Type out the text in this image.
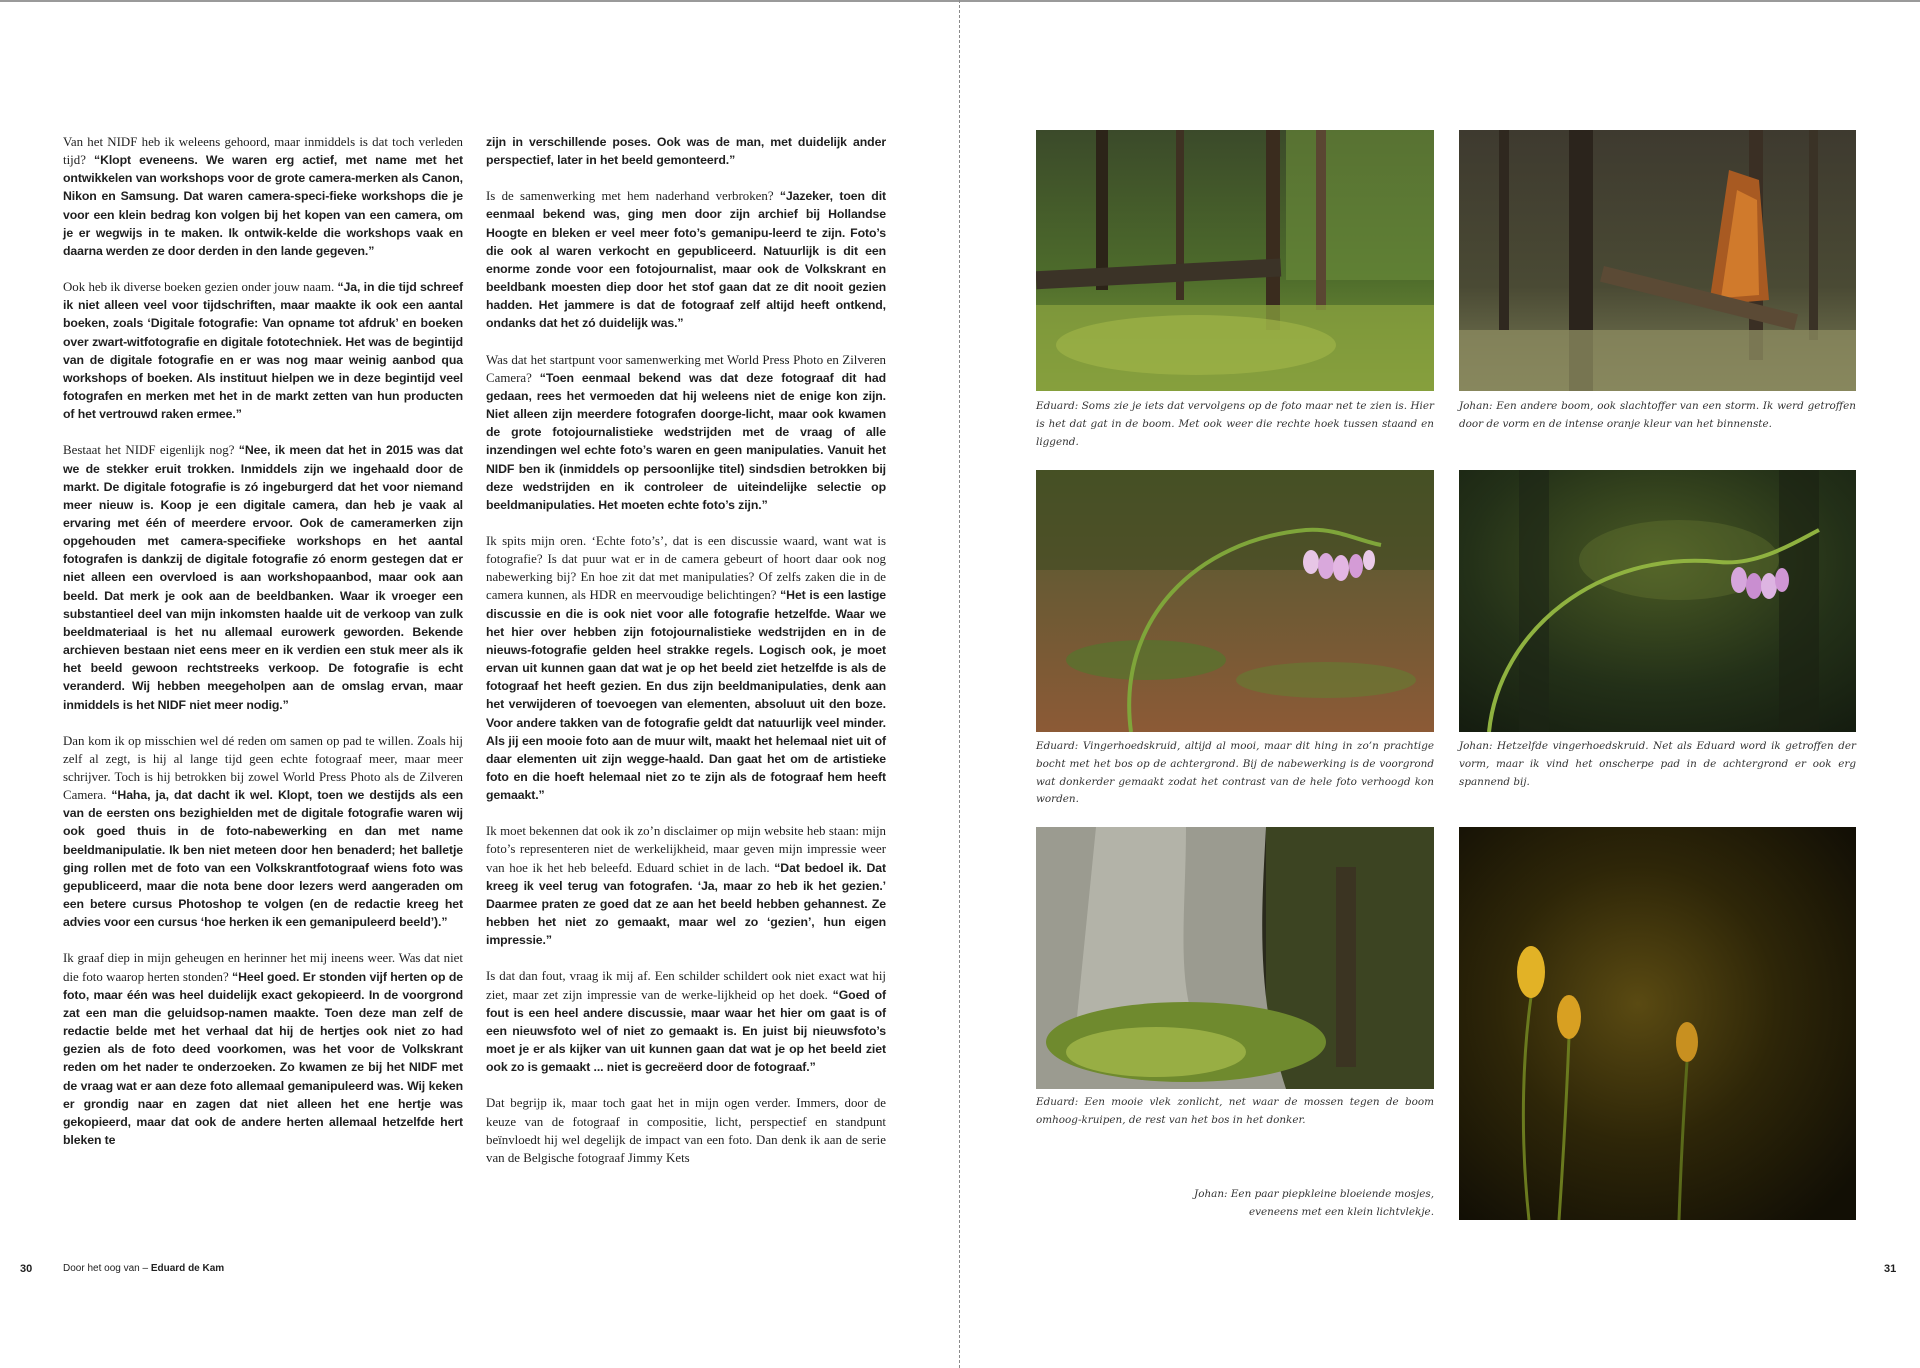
Van het NIDF heb ik weleens gehoord, maar inmiddels is dat toch verleden tijd? “Klopt eveneens. We waren erg actief, met name met het ontwikkelen van workshops voor de grote camera-merken als Canon, Nikon en Samsung. Dat waren camera-speci-fieke workshops die je voor een klein bedrag kon volgen bij het kopen van een camera, om je er wegwijs in te maken. Ik ontwik-kelde die workshops vaak en daarna werden ze door derden in den lande gegeven.”

Ook heb ik diverse boeken gezien onder jouw naam. “Ja, in die tijd schreef ik niet alleen veel voor tijdschriften, maar maakte ik ook een aantal boeken, zoals ‘Digitale fotografie: Van opname tot afdruk’ en boeken over zwart-witfotografie en digitale fototechniek. Het was de begintijd van de digitale fotografie en er was nog maar weinig aanbod qua workshops of boeken. Als instituut hielpen we in deze begintijd veel fotografen en merken met het in de markt zetten van hun producten of het vertrouwd raken ermee.”

Bestaat het NIDF eigenlijk nog? “Nee, ik meen dat het in 2015 was dat we de stekker eruit trokken. Inmiddels zijn we ingehaald door de markt. De digitale fotografie is zó ingeburgerd dat het voor niemand meer nieuw is. Koop je een digitale camera, dan heb je vaak al ervaring met één of meerdere ervoor. Ook de cameramerken zijn opgehouden met camera-specifieke workshops en het aantal fotografen is dankzij de digitale fotografie zó enorm gestegen dat er niet alleen een overvloed is aan workshopaanbod, maar ook aan beeld. Dat merk je ook aan de beeldbanken. Waar ik vroeger een substantieel deel van mijn inkomsten haalde uit de verkoop van zulk beeldmateriaal is het nu allemaal eurowerk geworden. Bekende archieven bestaan niet eens meer en ik verdien een stuk meer als ik het beeld gewoon rechtstreeks verkoop. De fotografie is echt veranderd. Wij hebben meegeholpen aan de omslag ervan, maar inmiddels is het NIDF niet meer nodig.”

Dan kom ik op misschien wel dé reden om samen op pad te willen. Zoals hij zelf al zegt, is hij al lange tijd geen echte fotograaf meer, maar meer schrijver. Toch is hij betrokken bij zowel World Press Photo als de Zilveren Camera. “Haha, ja, dat dacht ik wel. Klopt, toen we destijds als een van de eersten ons bezighielden met de digitale fotografie waren wij ook goed thuis in de foto-nabewerking en dan met name beeldmanipulatie. Ik ben niet meteen door hen benaderd; het balletje ging rollen met de foto van een Volkskrantfotograaf wiens foto was gepubliceerd, maar die nota bene door lezers werd aangeraden om een betere cursus Photoshop te volgen (en de redactie kreeg het advies voor een cursus ‘hoe herken ik een gemanipuleerd beeld’).”

Ik graaf diep in mijn geheugen en herinner het mij ineens weer. Was dat niet die foto waarop herten stonden? “Heel goed. Er stonden vijf herten op de foto, maar één was heel duidelijk exact gekopieerd. In de voorgrond zat een man die geluidsop-namen maakte. Toen deze man zelf de redactie belde met het verhaal dat hij de hertjes ook niet zo had gezien als de foto deed voorkomen, was het voor de Volkskrant reden om het nader te onderzoeken. Zo kwamen ze bij het NIDF met de vraag wat er aan deze foto allemaal gemanipuleerd was. Wij keken er grondig naar en zagen dat niet alleen het ene hertje was gekopieerd, maar dat ook de andere herten allemaal hetzelfde hert bleken te

zijn in verschillende poses. Ook was de man, met duidelijk ander perspectief, later in het beeld gemonteerd.”

Is de samenwerking met hem naderhand verbroken? “Jazeker, toen dit eenmaal bekend was, ging men door zijn archief bij Hollandse Hoogte en bleken er veel meer foto’s gemanipu-leerd te zijn. Foto’s die ook al waren verkocht en gepubliceerd. Natuurlijk is dit een enorme zonde voor een fotojournalist, maar ook de Volkskrant en beeldbank moesten diep door het stof gaan dat ze dit nooit gezien hadden. Het jammere is dat de fotograaf zelf altijd heeft ontkend, ondanks dat het zó duidelijk was.”

Was dat het startpunt voor samenwerking met World Press Photo en Zilveren Camera? “Toen eenmaal bekend was dat deze fotograaf dit had gedaan, rees het vermoeden dat hij weleens niet de enige kon zijn. Niet alleen zijn meerdere fotografen doorge-licht, maar ook kwamen de grote fotojournalistieke wedstrijden met de vraag of alle inzendingen wel echte foto’s waren en geen manipulaties. Vanuit het NIDF ben ik (inmiddels op persoonlijke titel) sindsdien betrokken bij deze wedstrijden en ik controleer de uiteindelijke selectie op beeldmanipulaties. Het moeten echte foto’s zijn.”

Ik spits mijn oren. ‘Echte foto’s’, dat is een discussie waard, want wat is fotografie? Is dat puur wat er in de camera gebeurt of hoort daar ook nog nabewerking bij? En hoe zit dat met manipulaties? Of zelfs zaken die in de camera kunnen, als HDR en meervoudige belichtingen? “Het is een lastige discussie en die is ook niet voor alle fotografie hetzelfde. Waar we het hier over hebben zijn fotojournalistieke wedstrijden en in de nieuws-fotografie gelden heel strakke regels. Logisch ook, je moet ervan uit kunnen gaan dat wat je op het beeld ziet hetzelfde is als de fotograaf het heeft gezien. En dus zijn beeldmanipulaties, denk aan het verwijderen of toevoegen van elementen, absoluut uit den boze. Voor andere takken van de fotografie geldt dat natuurlijk veel minder. Als jij een mooie foto aan de muur wilt, maakt het helemaal niet uit of daar elementen uit zijn wegge-haald. Dan gaat het om de artistieke foto en die hoeft helemaal niet zo te zijn als de fotograaf hem heeft gemaakt.”

Ik moet bekennen dat ook ik zo’n disclaimer op mijn website heb staan: mijn foto’s representeren niet de werkelijkheid, maar geven mijn impressie weer van hoe ik het heb beleefd. Eduard schiet in de lach. “Dat bedoel ik. Dat kreeg ik veel terug van fotografen. ‘Ja, maar zo heb ik het gezien.’ Daarmee praten ze goed dat ze aan het beeld hebben gehannest. Ze hebben het niet zo gemaakt, maar wel zo ‘gezien’, hun eigen impressie.”

Is dat dan fout, vraag ik mij af. Een schilder schildert ook niet exact wat hij ziet, maar zet zijn impressie van de werke-lijkheid op het doek. “Goed of fout is een heel andere discussie, maar waar het hier om gaat is of een nieuwsfoto wel of niet zo gemaakt is. En juist bij nieuwsfoto’s moet je er als kijker van uit kunnen gaan dat wat je op het beeld ziet ook zo is gemaakt ... niet is gecreëerd door de fotograaf.”

Dat begrijp ik, maar toch gaat het in mijn ogen verder. Immers, door de keuze van de fotograaf in compositie, licht, perspectief en standpunt beïnvloedt hij wel degelijk de impact van een foto. Dan denk ik aan de serie van de Belgische fotograaf Jimmy Kets

30	Door het oog van – Eduard de Kam
Eduard: Soms zie je iets dat vervolgens op de foto maar net te zien is. Hier is het dat gat in de boom. Met ook weer die rechte hoek tussen staand en liggend.
Johan: Een andere boom, ook slachtoffer van een storm. Ik werd getroffen door de vorm en de intense oranje kleur van het binnenste.
Eduard: Vingerhoedskruid, altijd al mooi, maar dit hing in zo’n prachtige bocht met het bos op de achtergrond. Bij de nabewerking is de voorgrond wat donkerder gemaakt zodat het contrast van de hele foto verhoogd kon worden.
Johan: Hetzelfde vingerhoedskruid. Net als Eduard word ik getroffen der vorm, maar ik vind het onscherpe pad in de achtergrond er ook erg spannend bij.
Eduard: Een mooie vlek zonlicht, net waar de mossen tegen de boom omhoog-kruipen, de rest van het bos in het donker.
Johan: Een paar piepkleine bloeiende mosjes, eveneens met een klein lichtvlekje.
31
